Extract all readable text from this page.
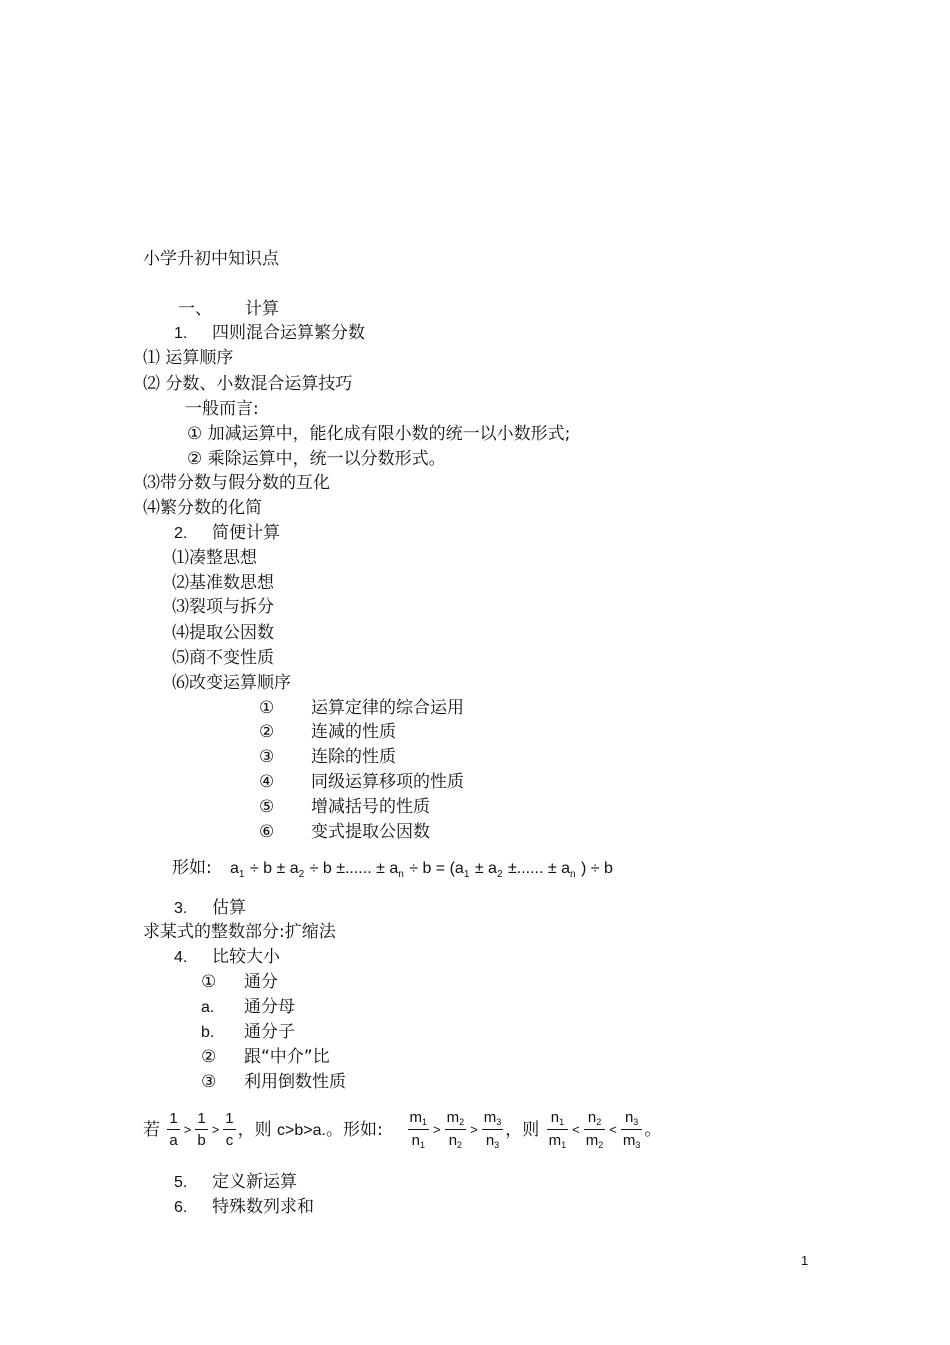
小学升初中知识点
一、 计算
1. 四则混合运算繁分数
⑴ 运算顺序
⑵ 分数、小数混合运算技巧
一般而言:
① 加减运算中，能化成有限小数的统一以小数形式;
② 乘除运算中，统一以分数形式。
⑶带分数与假分数的互化
⑷繁分数的化简
2. 简便计算
⑴凑整思想
⑵基准数思想
⑶裂项与拆分
⑷提取公因数
⑸商不变性质
⑹改变运算顺序
① 运算定律的综合运用
② 连减的性质
③ 连除的性质
④ 同级运算移项的性质
⑤ 增减括号的性质
⑥ 变式提取公因数
形如: $a_1 \div b \pm a_2 \div b$ ±...... ± $a_n \div b = (a_1 \pm a_2$ ±...... ± $a_n$ ) ÷ b
3. 估算
求某式的整数部分:扩缩法
4. 比较大小
① 通分
a. 通分母
b. 通分子
② 跟“中介”比
③ 利用倒数性质
若 $\frac{1}{a} > \frac{1}{b} > \frac{1}{c}$ ，则 c>b>a.。形如: $\frac{m_1}{n_1} > \frac{m_2}{n_2} > \frac{m_3}{n_3}$ ，则 $\frac{n_1}{m_1} < \frac{n_2}{m_2} < \frac{n_3}{m_3}$ 。
5. 定义新运算
6. 特殊数列求和
1
